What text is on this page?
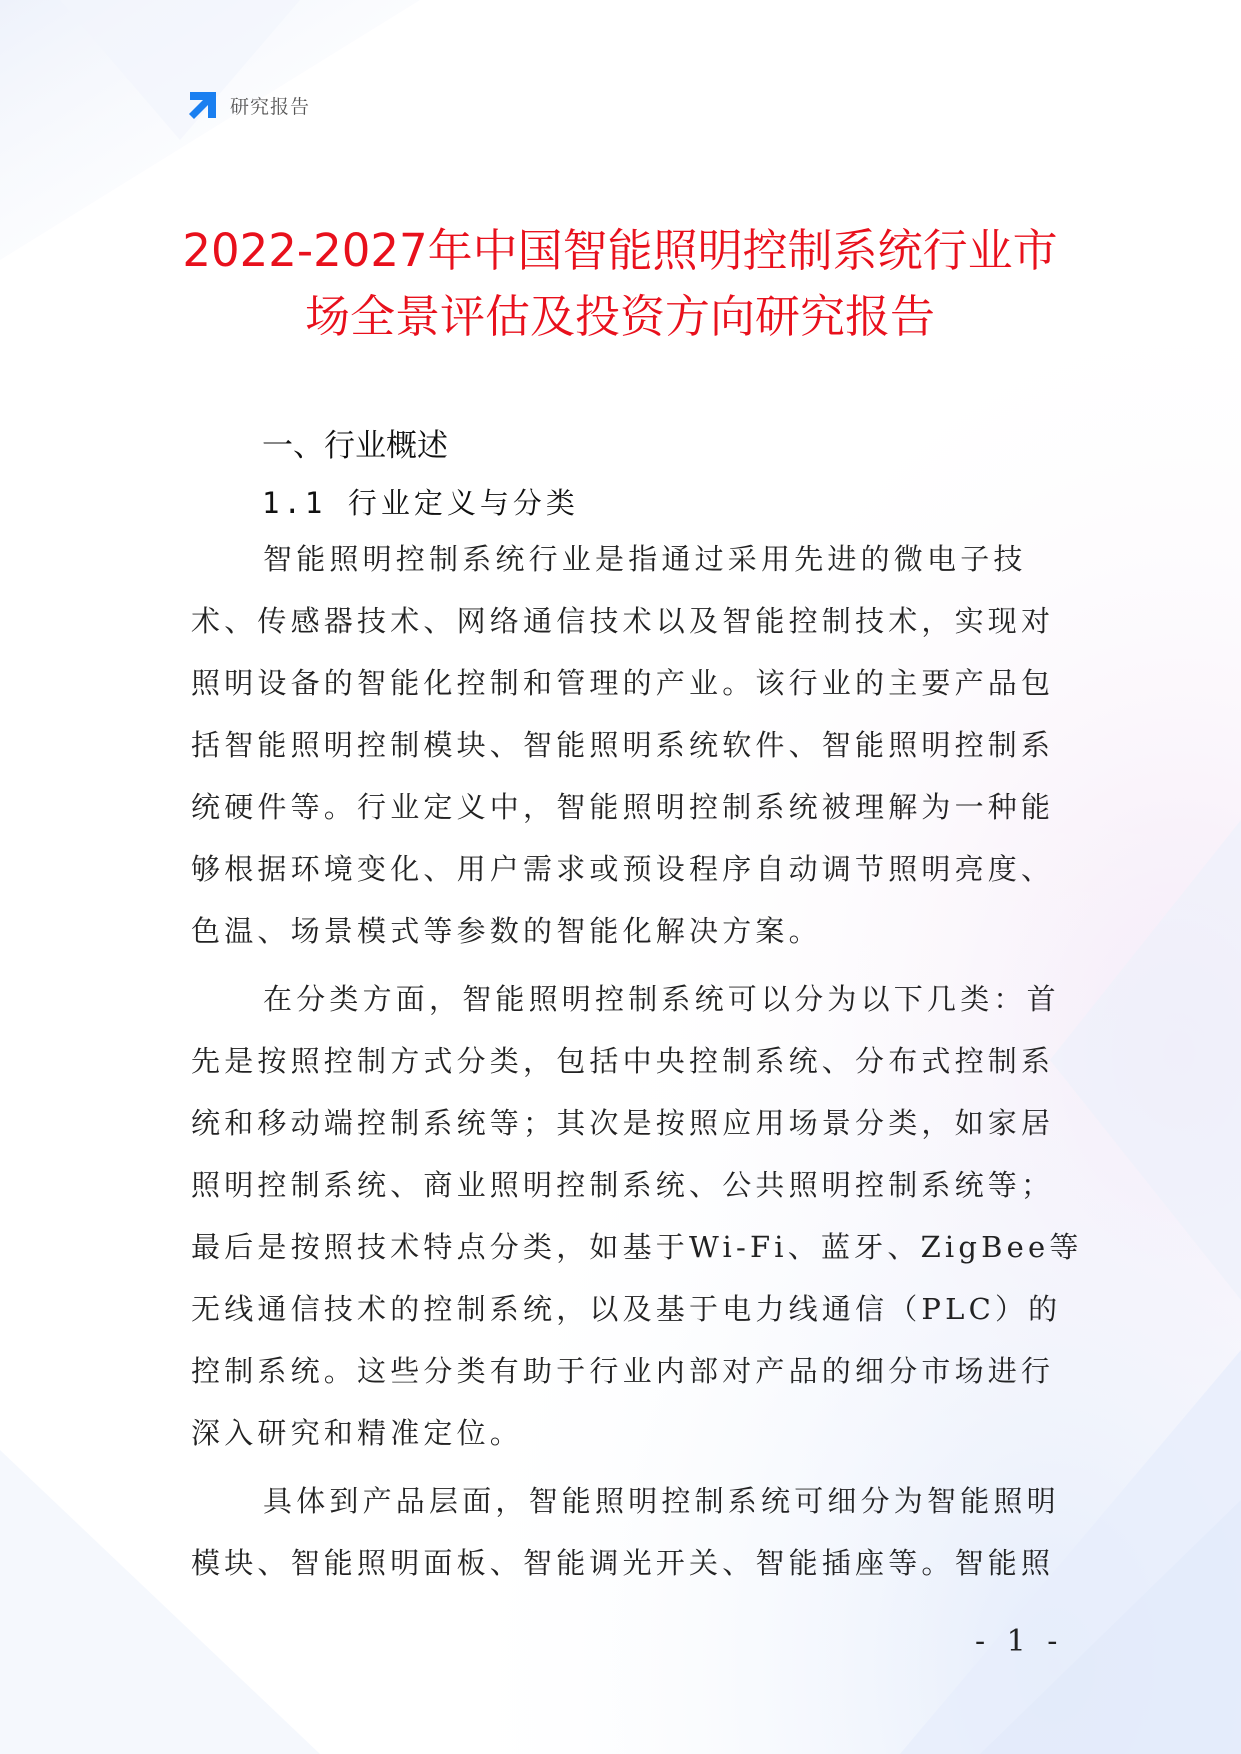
研究报告
2022-2027年中国智能照明控制系统行业市
场全景评估及投资方向研究报告
一、行业概述
1.1 行业定义与分类
智能照明控制系统行业是指通过采用先进的微电子技
术、传感器技术、网络通信技术以及智能控制技术，实现对
照明设备的智能化控制和管理的产业。该行业的主要产品包
括智能照明控制模块、智能照明系统软件、智能照明控制系
统硬件等。行业定义中，智能照明控制系统被理解为一种能
够根据环境变化、用户需求或预设程序自动调节照明亮度、
色温、场景模式等参数的智能化解决方案。
在分类方面，智能照明控制系统可以分为以下几类：首
先是按照控制方式分类，包括中央控制系统、分布式控制系
统和移动端控制系统等；其次是按照应用场景分类，如家居
照明控制系统、商业照明控制系统、公共照明控制系统等；
最后是按照技术特点分类，如基于Wi-Fi、蓝牙、ZigBee等
无线通信技术的控制系统，以及基于电力线通信（PLC）的
控制系统。这些分类有助于行业内部对产品的细分市场进行
深入研究和精准定位。
具体到产品层面，智能照明控制系统可细分为智能照明
模块、智能照明面板、智能调光开关、智能插座等。智能照
- 1 -
